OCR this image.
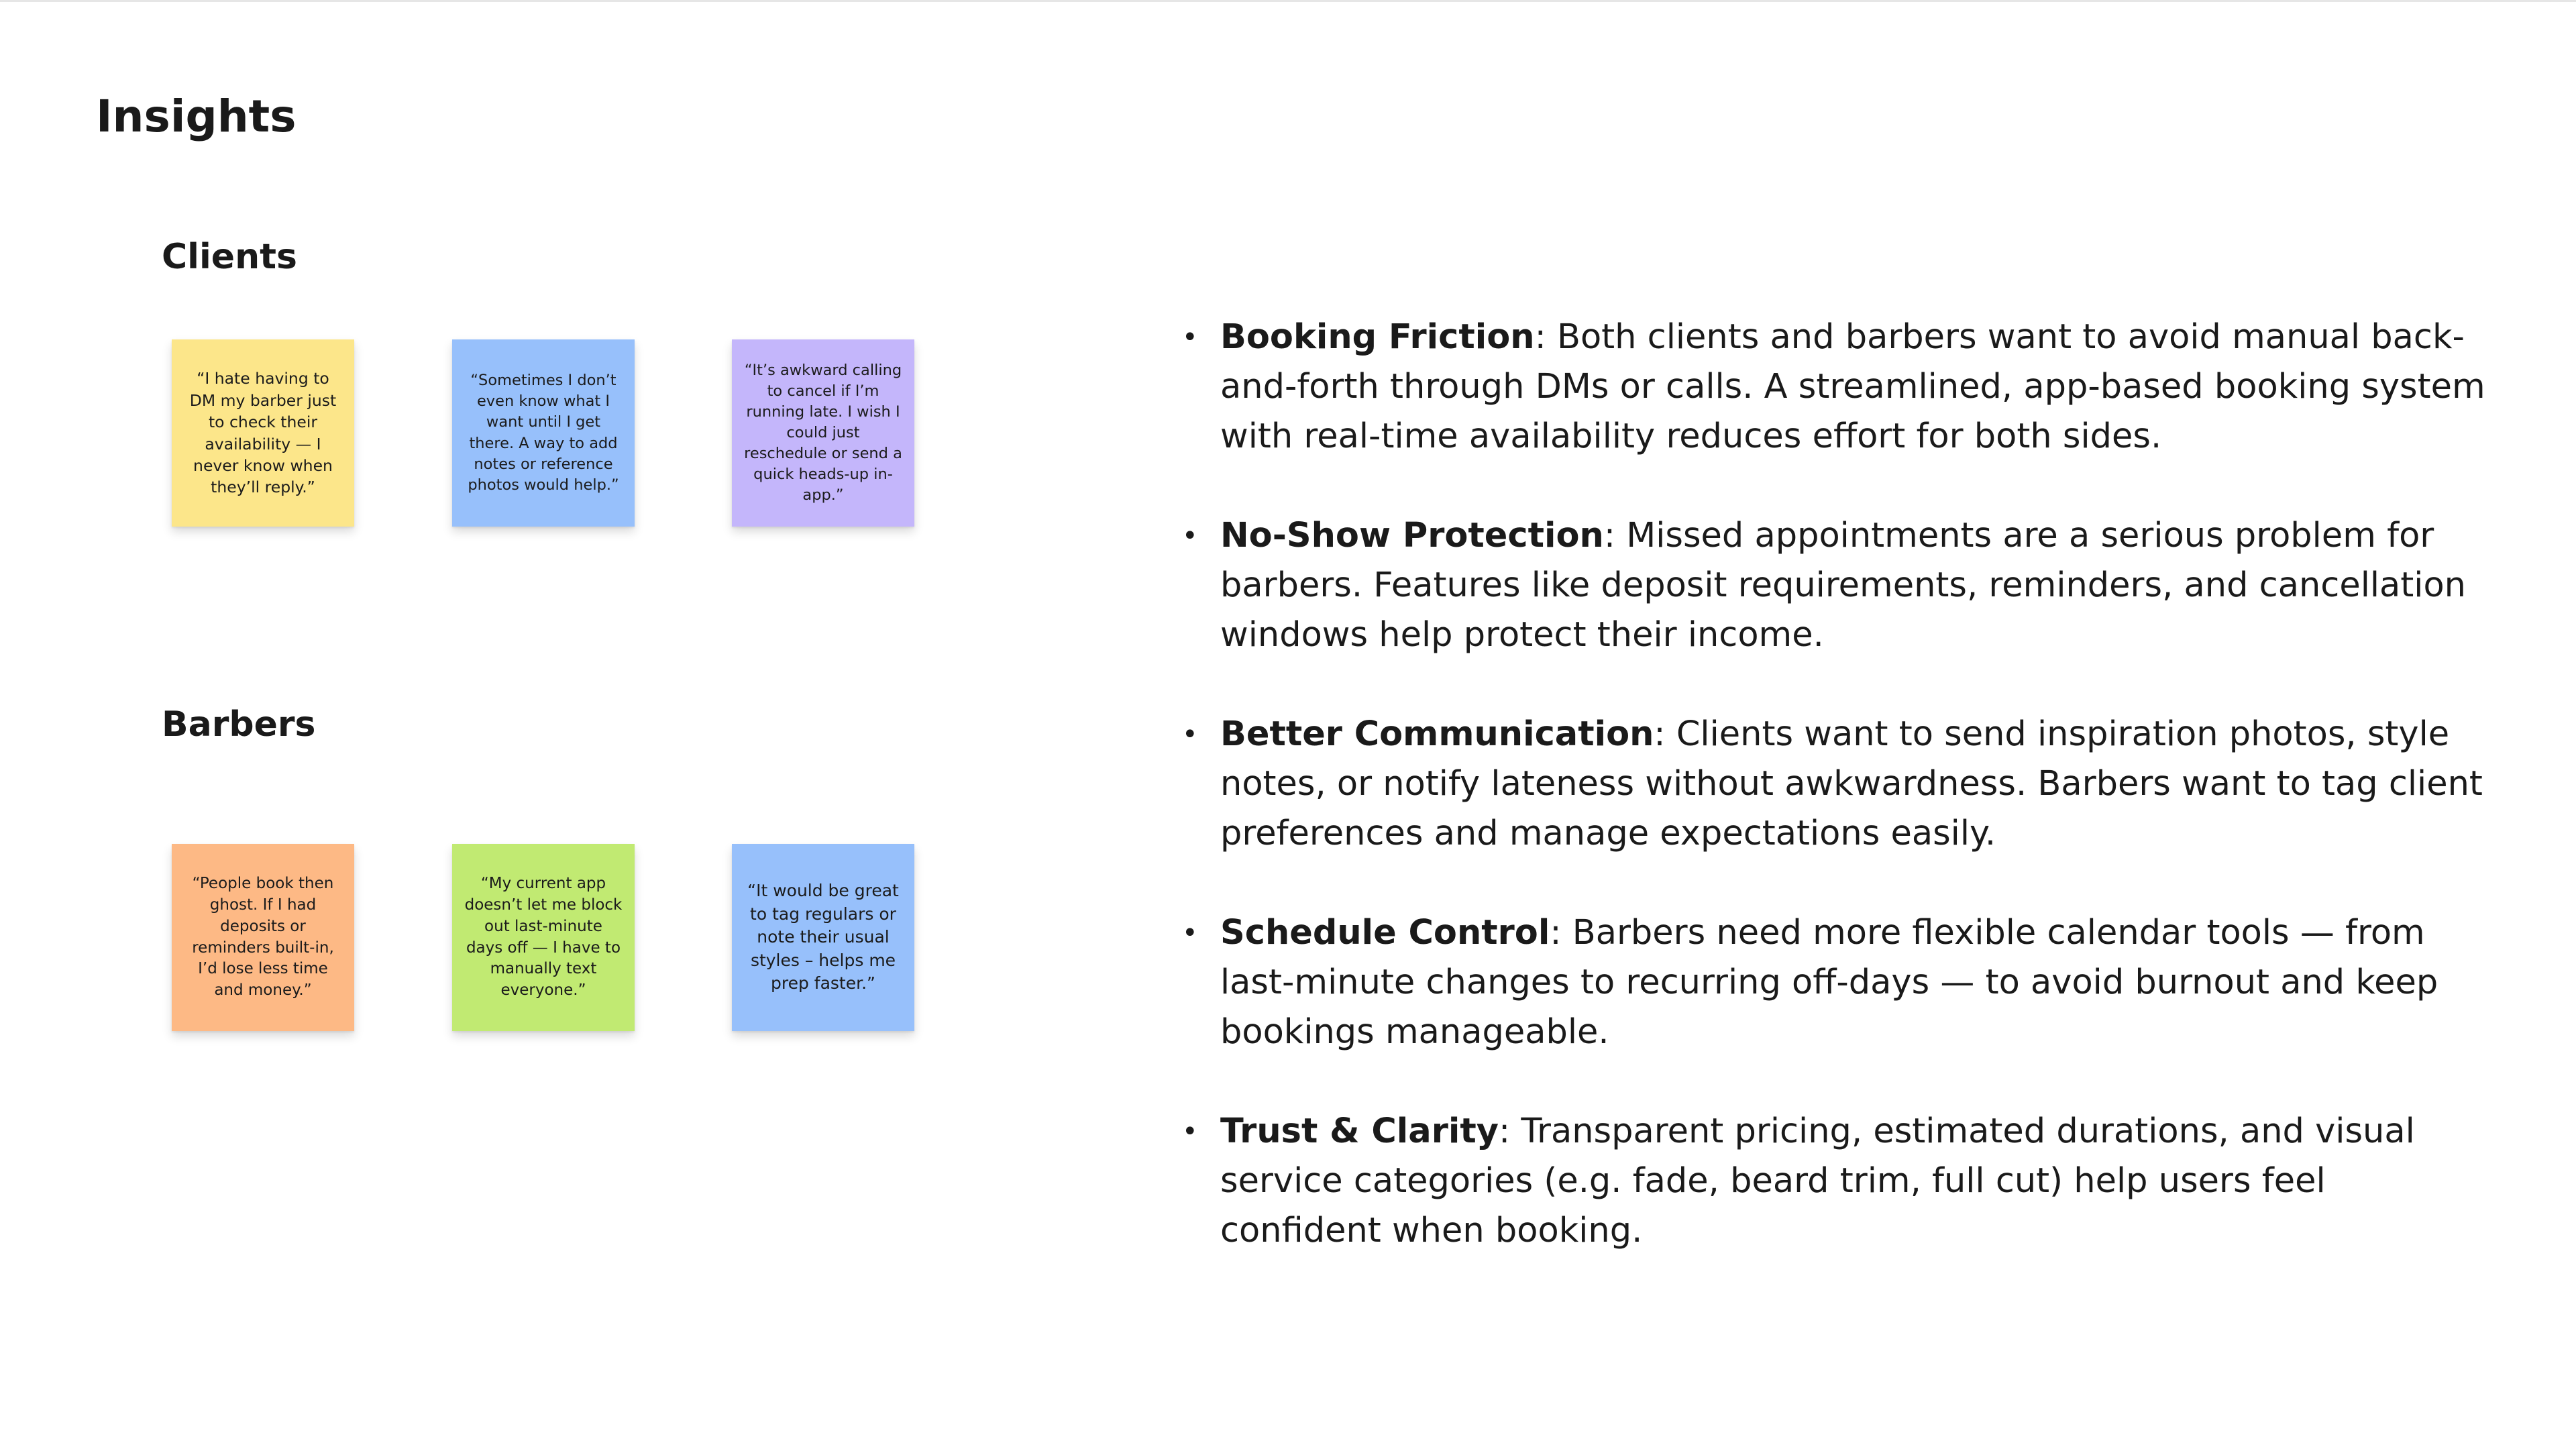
Insights
Clients
“I hate having to DM my barber just to check their availability — I never know when they’ll reply.”
“Sometimes I don’t even know what I want until I get there. A way to add notes or reference photos would help.”
“It’s awkward calling to cancel if I’m running late. I wish I could just reschedule or send a quick heads-up in-app.”
Barbers
“People book then ghost. If I had deposits or reminders built-in, I’d lose less time and money.”
“My current app doesn’t let me block out last-minute days off — I have to manually text everyone.”
“It would be great to tag regulars or note their usual styles – helps me prep faster.”
• Booking Friction: Both clients and barbers want to avoid manual back-and-forth through DMs or calls. A streamlined, app-based booking system with real-time availability reduces effort for both sides.
• No-Show Protection: Missed appointments are a serious problem for barbers. Features like deposit requirements, reminders, and cancellation windows help protect their income.
• Better Communication: Clients want to send inspiration photos, style notes, or notify lateness without awkwardness. Barbers want to tag client preferences and manage expectations easily.
• Schedule Control: Barbers need more flexible calendar tools — from last-minute changes to recurring off-days — to avoid burnout and keep bookings manageable.
• Trust & Clarity: Transparent pricing, estimated durations, and visual service categories (e.g. fade, beard trim, full cut) help users feel confident when booking.
